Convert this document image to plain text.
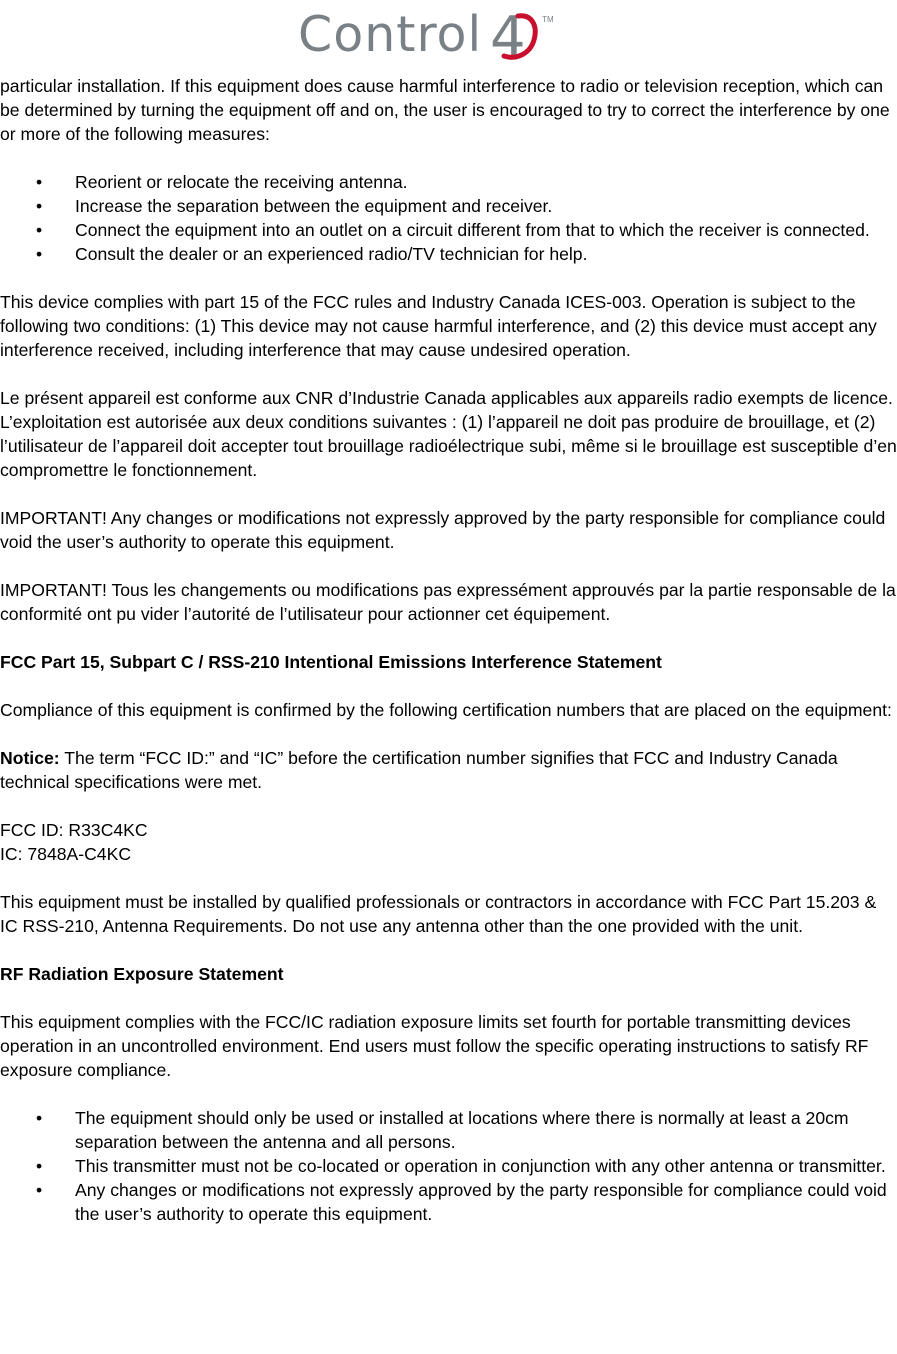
Control 4 TM

particular installation. If this equipment does cause harmful interference to radio or television reception, which can be determined by turning the equipment off and on, the user is encouraged to try to correct the interference by one or more of the following measures:

• Reorient or relocate the receiving antenna.
• Increase the separation between the equipment and receiver.
• Connect the equipment into an outlet on a circuit different from that to which the receiver is connected.
• Consult the dealer or an experienced radio/TV technician for help.

This device complies with part 15 of the FCC rules and Industry Canada ICES-003. Operation is subject to the following two conditions: (1) This device may not cause harmful interference, and (2) this device must accept any interference received, including interference that may cause undesired operation.

Le présent appareil est conforme aux CNR d’Industrie Canada applicables aux appareils radio exempts de licence. L’exploitation est autorisée aux deux conditions suivantes : (1) l’appareil ne doit pas produire de brouillage, et (2) l’utilisateur de l’appareil doit accepter tout brouillage radioélectrique subi, même si le brouillage est susceptible d’en compromettre le fonctionnement.

IMPORTANT! Any changes or modifications not expressly approved by the party responsible for compliance could void the user’s authority to operate this equipment.

IMPORTANT! Tous les changements ou modifications pas expressément approuvés par la partie responsable de la conformité ont pu vider l’autorité de l’utilisateur pour actionner cet équipement.

FCC Part 15, Subpart C / RSS-210 Intentional Emissions Interference Statement

Compliance of this equipment is confirmed by the following certification numbers that are placed on the equipment:

Notice: The term “FCC ID:” and “IC” before the certification number signifies that FCC and Industry Canada technical specifications were met.

FCC ID: R33C4KC

IC: 7848A-C4KC

This equipment must be installed by qualified professionals or contractors in accordance with FCC Part 15.203 & IC RSS-210, Antenna Requirements. Do not use any antenna other than the one provided with the unit.

RF Radiation Exposure Statement

This equipment complies with the FCC/IC radiation exposure limits set fourth for portable transmitting devices operation in an uncontrolled environment. End users must follow the specific operating instructions to satisfy RF exposure compliance.

• The equipment should only be used or installed at locations where there is normally at least a 20cm separation between the antenna and all persons.
• This transmitter must not be co-located or operation in conjunction with any other antenna or transmitter.
• Any changes or modifications not expressly approved by the party responsible for compliance could void the user’s authority to operate this equipment.
